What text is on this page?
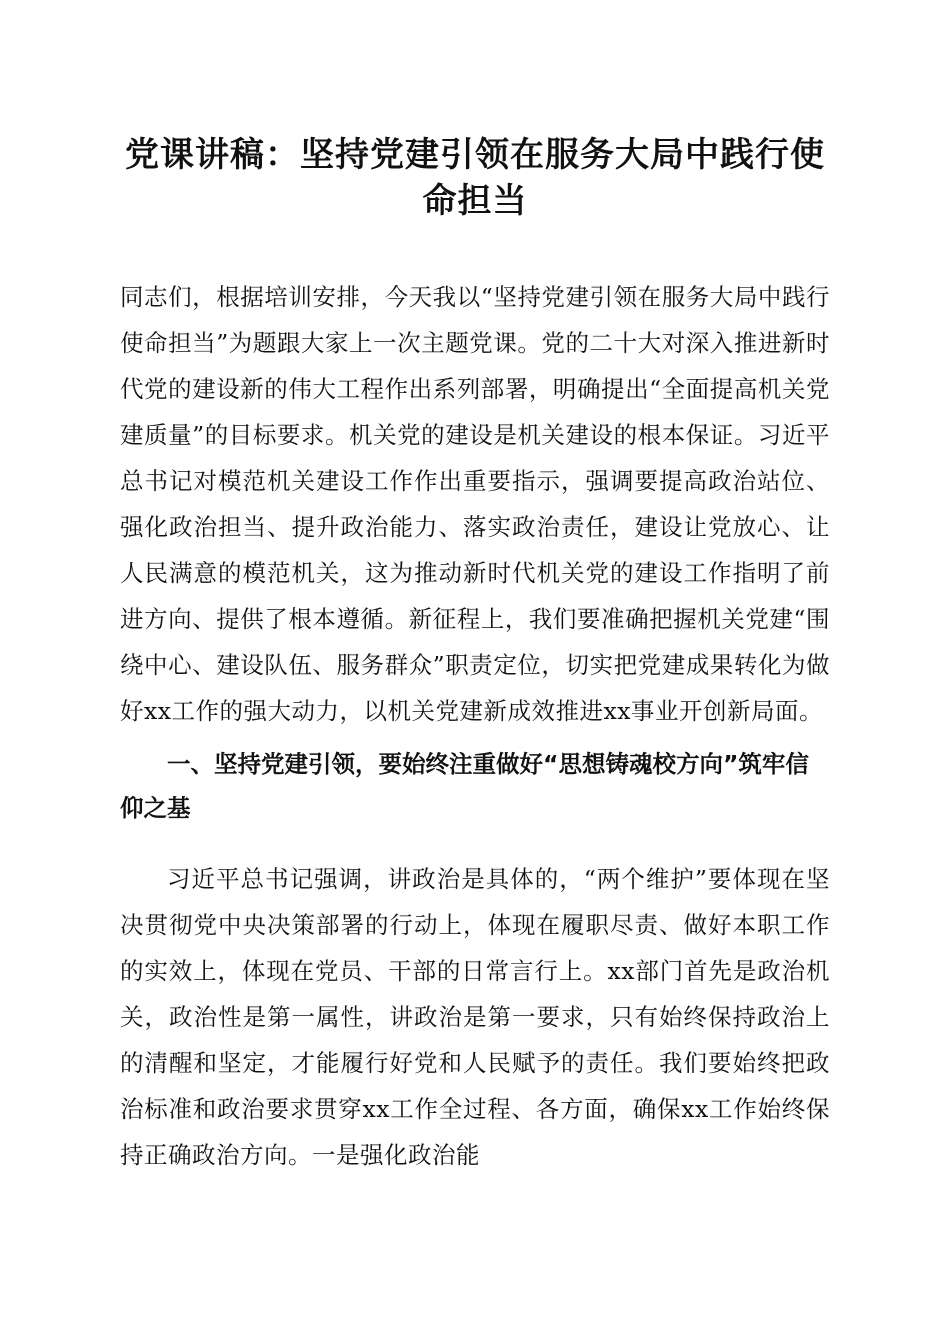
党课讲稿：坚持党建引领在服务大局中践行使命担当

同志们，根据培训安排，今天我以“坚持党建引领在服务大局中践行使命担当”为题跟大家上一次主题党课。党的二十大对深入推进新时代党的建设新的伟大工程作出系列部署，明确提出“全面提高机关党建质量”的目标要求。机关党的建设是机关建设的根本保证。习近平总书记对模范机关建设工作作出重要指示，强调要提高政治站位、强化政治担当、提升政治能力、落实政治责任，建设让党放心、让人民满意的模范机关，这为推动新时代机关党的建设工作指明了前进方向、提供了根本遵循。新征程上，我们要准确把握机关党建“围绕中心、建设队伍、服务群众”职责定位，切实把党建成果转化为做好xx工作的强大动力，以机关党建新成效推进xx事业开创新局面。

一、坚持党建引领，要始终注重做好“思想铸魂校方向”筑牢信仰之基

习近平总书记强调，讲政治是具体的，“两个维护”要体现在坚决贯彻党中央决策部署的行动上，体现在履职尽责、做好本职工作的实效上，体现在党员、干部的日常言行上。xx部门首先是政治机关，政治性是第一属性，讲政治是第一要求，只有始终保持政治上的清醒和坚定，才能履行好党和人民赋予的责任。我们要始终把政治标准和政治要求贯穿xx工作全过程、各方面，确保xx工作始终保持正确政治方向。一是强化政治能
